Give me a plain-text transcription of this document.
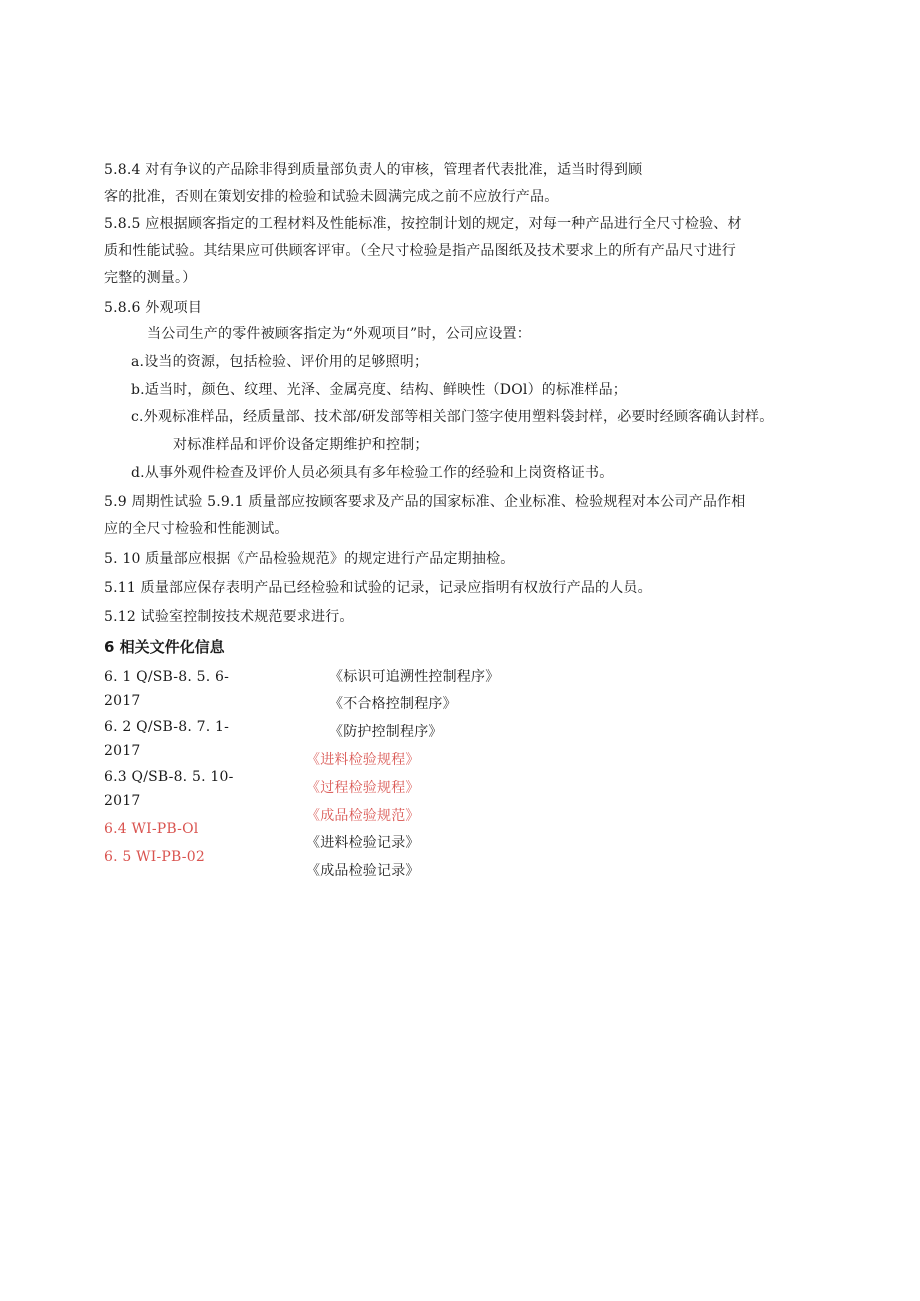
5.8.4 对有争议的产品除非得到质量部负责人的审核，管理者代表批准，适当时得到顾
客的批准，否则在策划安排的检验和试验未圆满完成之前不应放行产品。
5.8.5 应根据顾客指定的工程材料及性能标准，按控制计划的规定，对每一种产品进行全尺寸检验、材
质和性能试验。其结果应可供顾客评审。（全尺寸检验是指产品图纸及技术要求上的所有产品尺寸进行
完整的测量。）
5.8.6 外观项目
当公司生产的零件被顾客指定为“外观项目”时，公司应设置：
a.设当的资源，包括检验、评价用的足够照明；
b.适当时，颜色、纹理、光泽、金属亮度、结构、鲜映性（DOl）的标准样品；
c.外观标准样品，经质量部、技术部/研发部等相关部门签字使用塑料袋封样，必要时经顾客确认封样。
对标准样品和评价设备定期维护和控制；
d.从事外观件检查及评价人员必须具有多年检验工作的经验和上岗资格证书。
5.9 周期性试验 5.9.1 质量部应按顾客要求及产品的国家标准、企业标准、检验规程对本公司产品作相
应的全尺寸检验和性能测试。
5. 10 质量部应根据《产品检验规范》的规定进行产品定期抽检。
5.11 质量部应保存表明产品已经检验和试验的记录，记录应指明有权放行产品的人员。
5.12 试验室控制按技术规范要求进行。
6 相关文件化信息
6. 1 Q/SB-8. 5. 6-
2017
6. 2 Q/SB-8. 7. 1-
2017
6.3 Q/SB-8. 5. 10-
2017
6.4 WI-PB-Ol
6. 5 WI-PB-02
《标识可追溯性控制程序》
《不合格控制程序》
《防护控制程序》
《进料检验规程》
《过程检验规程》
《成品检验规范》
《进料检验记录》
《成品检验记录》
